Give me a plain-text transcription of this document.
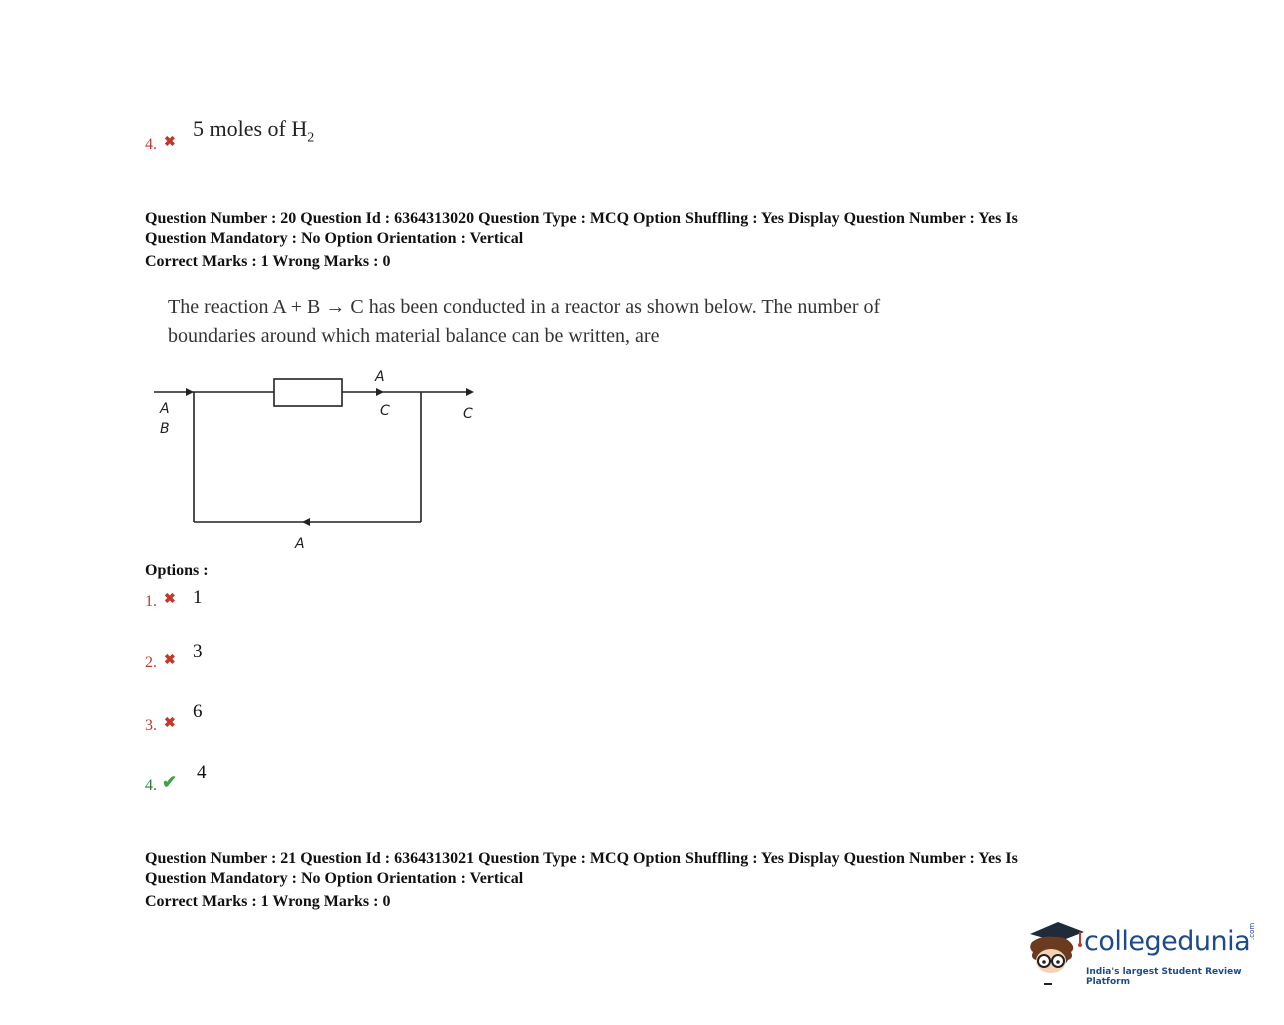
4. ✖
5 moles of $H_2$
Question Number : 20 Question Id : 6364313020 Question Type : MCQ Option Shuffling : Yes Display Question Number : Yes Is
Question Mandatory : No Option Orientation : Vertical
Correct Marks : 1 Wrong Marks : 0
The reaction A + B → C has been conducted in a reactor as shown below. The number of
boundaries around which material balance can be written, are
A
B
A
C	C
A
Options :
1. ✖ 1
2. ✖ 3
3. ✖
6
4. ✔ 4
Question Number : 21 Question Id : 6364313021 Question Type : MCQ Option Shuffling : Yes Display Question Number : Yes Is
Question Mandatory : No Option Orientation : Vertical
Correct Marks : 1 Wrong Marks : 0
collegedunia
.com
India's largest Student Review Platform
